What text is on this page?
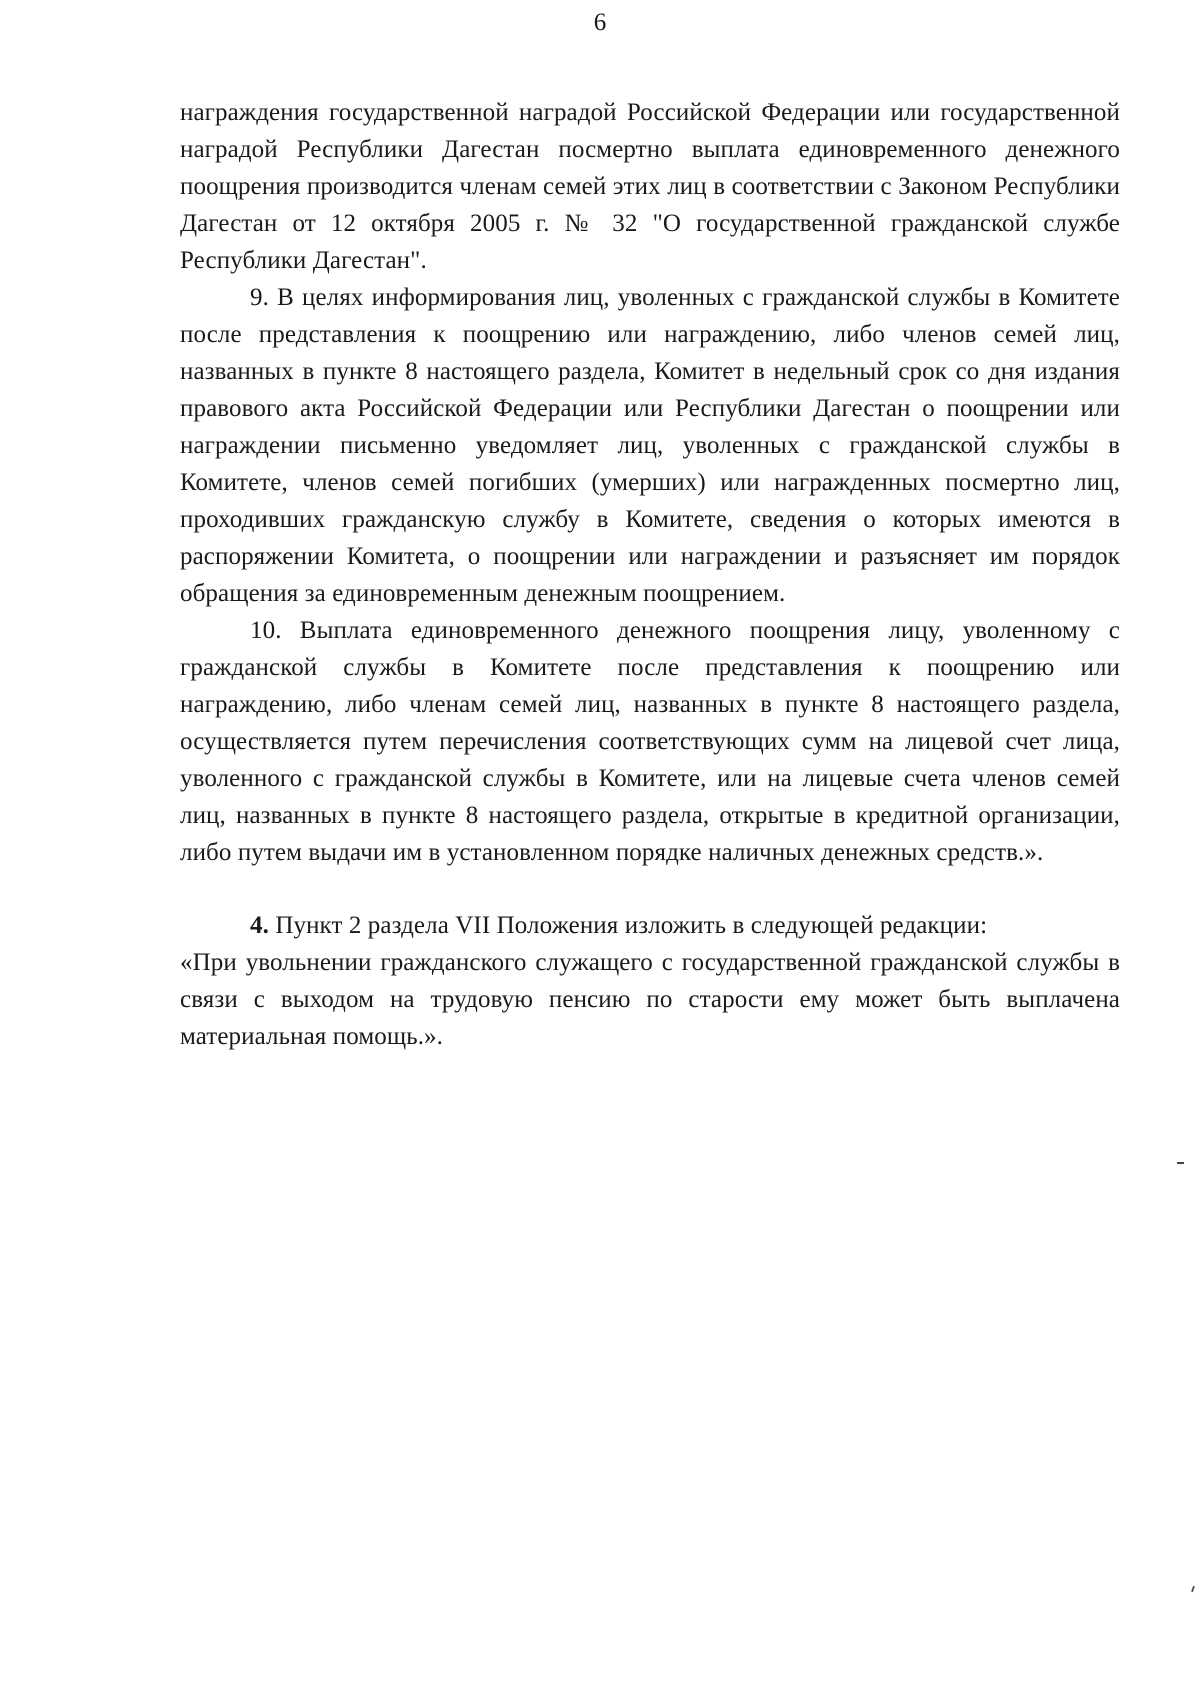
6

награждения государственной наградой Российской Федерации или государственной наградой Республики Дагестан посмертно выплата единовременного денежного поощрения производится членам семей этих лиц в соответствии с Законом Республики Дагестан от 12 октября 2005 г. № 32 "О государственной гражданской службе Республики Дагестан".

9. В целях информирования лиц, уволенных с гражданской службы в Комитете после представления к поощрению или награждению, либо членов семей лиц, названных в пункте 8 настоящего раздела, Комитет в недельный срок со дня издания правового акта Российской Федерации или Республики Дагестан о поощрении или награждении письменно уведомляет лиц, уволенных с гражданской службы в Комитете, членов семей погибших (умерших) или награжденных посмертно лиц, проходивших гражданскую службу в Комитете, сведения о которых имеются в распоряжении Комитета, о поощрении или награждении и разъясняет им порядок обращения за единовременным денежным поощрением.

10. Выплата единовременного денежного поощрения лицу, уволенному с гражданской службы в Комитете после представления к поощрению или награждению, либо членам семей лиц, названных в пункте 8 настоящего раздела, осуществляется путем перечисления соответствующих сумм на лицевой счет лица, уволенного с гражданской службы в Комитете, или на лицевые счета членов семей лиц, названных в пункте 8 настоящего раздела, открытые в кредитной организации, либо путем выдачи им в установленном порядке наличных денежных средств.».

4. Пункт 2 раздела VII Положения изложить в следующей редакции:

«При увольнении гражданского служащего с государственной гражданской службы в связи с выходом на трудовую пенсию по старости ему может быть выплачена материальная помощь.».
